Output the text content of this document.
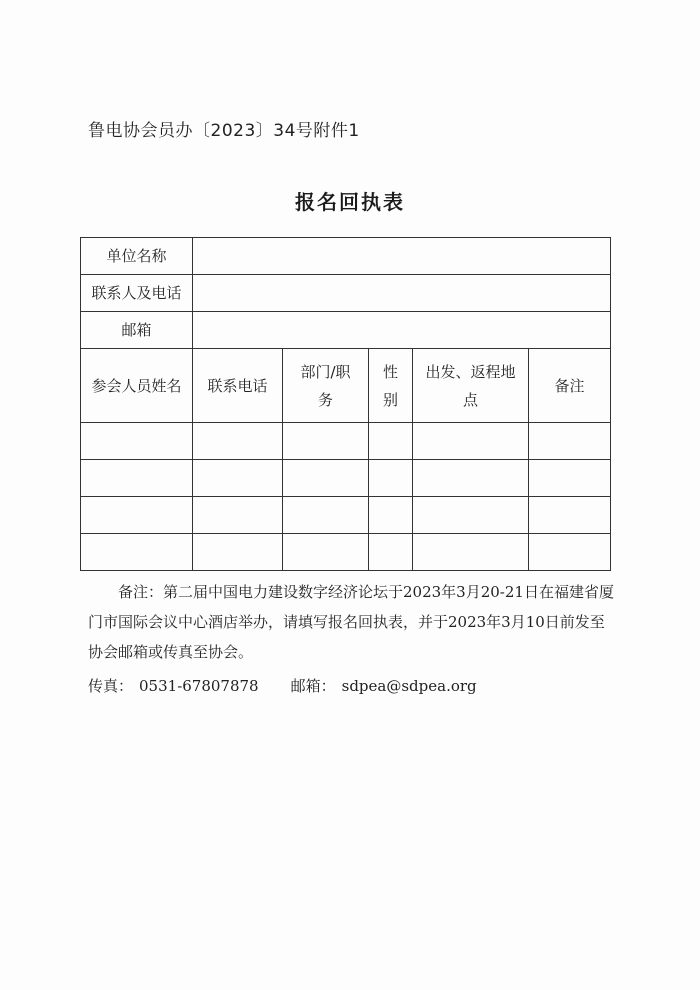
鲁电协会员办〔2023〕34号附件1
报名回执表
单位名称					
联系人及电话					
邮箱					
参会人员姓名	联系电话	部门/职务	性别	出发、返程地点	备注

备注：第二届中国电力建设数字经济论坛于2023年3月20-21日在福建省厦门市国际会议中心酒店举办，请填写报名回执表，并于2023年3月10日前发至协会邮箱或传真至协会。

传真： 0531-67807878 邮箱： sdpea@sdpea.org
